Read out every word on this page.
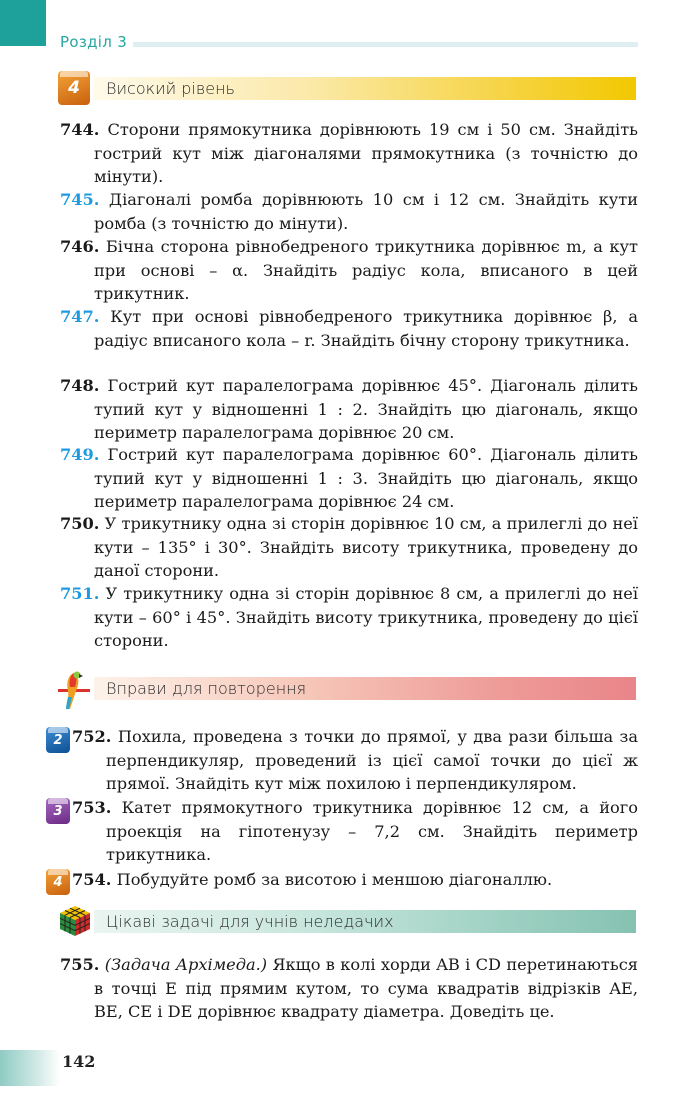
Розділ 3
4 Високий рівень
744. Сторони прямокутника дорівнюють 19 см і 50 см. Знайдіть гострий кут між діагоналями прямокутника (з точністю до мінути).
745. Діагоналі ромба дорівнюють 10 см і 12 см. Знайдіть кути ромба (з точністю до мінути).
746. Бічна сторона рівнобедреного трикутника дорівнює m, а кут при основі – α. Знайдіть радіус кола, вписаного в цей трикутник.
747. Кут при основі рівнобедреного трикутника дорівнює β, а радіус вписаного кола – r. Знайдіть бічну сторону трикутника.
748. Гострий кут паралелограма дорівнює 45°. Діагональ ділить тупий кут у відношенні 1 : 2. Знайдіть цю діагональ, якщо периметр паралелограма дорівнює 20 см.
749. Гострий кут паралелограма дорівнює 60°. Діагональ ділить тупий кут у відношенні 1 : 3. Знайдіть цю діагональ, якщо периметр паралелограма дорівнює 24 см.
750. У трикутнику одна зі сторін дорівнює 10 см, а прилеглі до неї кути – 135° і 30°. Знайдіть висоту трикутника, проведену до даної сторони.
751. У трикутнику одна зі сторін дорівнює 8 см, а прилеглі до неї кути – 60° і 45°. Знайдіть висоту трикутника, проведену до цієї сторони.
Вправи для повторення
2 752. Похила, проведена з точки до прямої, у два рази більша за перпендикуляр, проведений із цієї самої точки до цієї ж прямої. Знайдіть кут між похилою і перпендикуляром.
3 753. Катет прямокутного трикутника дорівнює 12 см, а його проекція на гіпотенузу – 7,2 см. Знайдіть периметр трикутника.
4 754. Побудуйте ромб за висотою і меншою діагоналлю.
Цікаві задачі для учнів неледачих
755. (Задача Архімеда.) Якщо в колі хорди AB і CD перетинаються в точці E під прямим кутом, то сума квадратів відрізків AE, BE, CE і DE дорівнює квадрату діаметра. Доведіть це.
142
